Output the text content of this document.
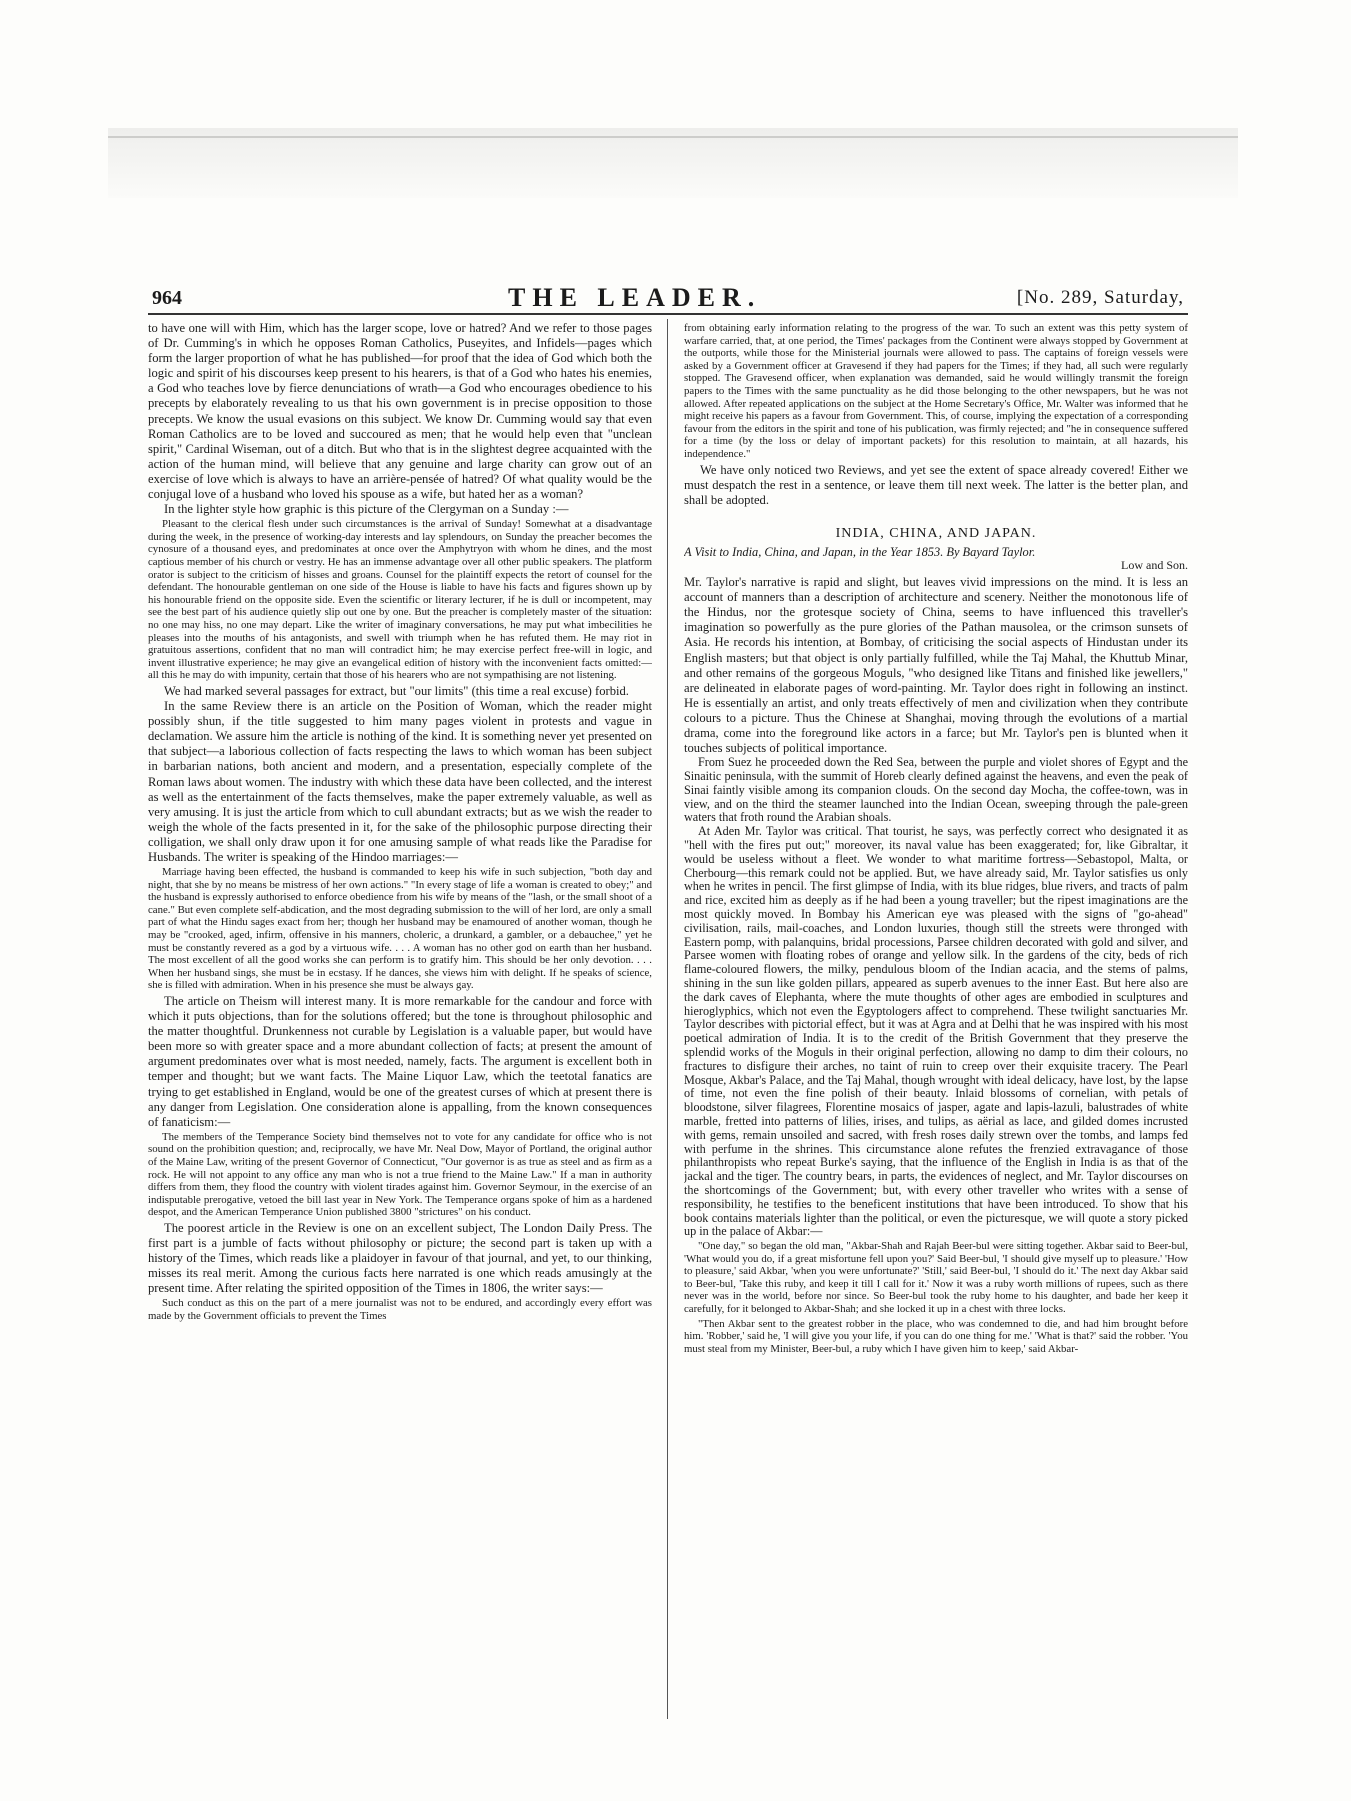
964	THE LEADER.	[No. 289, Saturday,

to have one will with Him, which has the larger scope, love or hatred? And we refer to those pages of Dr. Cumming's in which he opposes Roman Catholics, Puseyites, and Infidels—pages which form the larger proportion of what he has published—for proof that the idea of God which both the logic and spirit of his discourses keep present to his hearers, is that of a God who hates his enemies, a God who teaches love by fierce denunciations of wrath—a God who encourages obedience to his precepts by elaborately revealing to us that his own government is in precise opposition to those precepts. We know the usual evasions on this subject. We know Dr. Cumming would say that even Roman Catholics are to be loved and succoured as men; that he would help even that "unclean spirit," Cardinal Wiseman, out of a ditch. But who that is in the slightest degree acquainted with the action of the human mind, will believe that any genuine and large charity can grow out of an exercise of love which is always to have an arrière-pensée of hatred? Of what quality would be the conjugal love of a husband who loved his spouse as a wife, but hated her as a woman?

In the lighter style how graphic is this picture of the Clergyman on a Sunday :—

Pleasant to the clerical flesh under such circumstances is the arrival of Sunday! Somewhat at a disadvantage during the week, in the presence of working-day interests and lay splendours, on Sunday the preacher becomes the cynosure of a thousand eyes, and predominates at once over the Amphytryon with whom he dines, and the most captious member of his church or vestry. He has an immense advantage over all other public speakers. The platform orator is subject to the criticism of hisses and groans. Counsel for the plaintiff expects the retort of counsel for the defendant. The honourable gentleman on one side of the House is liable to have his facts and figures shown up by his honourable friend on the opposite side. Even the scientific or literary lecturer, if he is dull or incompetent, may see the best part of his audience quietly slip out one by one. But the preacher is completely master of the situation: no one may hiss, no one may depart. Like the writer of imaginary conversations, he may put what imbecilities he pleases into the mouths of his antagonists, and swell with triumph when he has refuted them. He may riot in gratuitous assertions, confident that no man will contradict him; he may exercise perfect free-will in logic, and invent illustrative experience; he may give an evangelical edition of history with the inconvenient facts omitted:—all this he may do with impunity, certain that those of his hearers who are not sympathising are not listening.

We had marked several passages for extract, but "our limits" (this time a real excuse) forbid.

In the same Review there is an article on the Position of Woman, which the reader might possibly shun, if the title suggested to him many pages violent in protests and vague in declamation. We assure him the article is nothing of the kind. It is something never yet presented on that subject—a laborious collection of facts respecting the laws to which woman has been subject in barbarian nations, both ancient and modern, and a presentation, especially complete of the Roman laws about women. The industry with which these data have been collected, and the interest as well as the entertainment of the facts themselves, make the paper extremely valuable, as well as very amusing. It is just the article from which to cull abundant extracts; but as we wish the reader to weigh the whole of the facts presented in it, for the sake of the philosophic purpose directing their colligation, we shall only draw upon it for one amusing sample of what reads like the Paradise for Husbands. The writer is speaking of the Hindoo marriages:—

Marriage having been effected, the husband is commanded to keep his wife in such subjection, "both day and night, that she by no means be mistress of her own actions." "In every stage of life a woman is created to obey;" and the husband is expressly authorised to enforce obedience from his wife by means of the "lash, or the small shoot of a cane." But even complete self-abdication, and the most degrading submission to the will of her lord, are only a small part of what the Hindu sages exact from her; though her husband may be enamoured of another woman, though he may be "crooked, aged, infirm, offensive in his manners, choleric, a drunkard, a gambler, or a debauchee," yet he must be constantly revered as a god by a virtuous wife. . . . A woman has no other god on earth than her husband. The most excellent of all the good works she can perform is to gratify him. This should be her only devotion. . . . When her husband sings, she must be in ecstasy. If he dances, she views him with delight. If he speaks of science, she is filled with admiration. When in his presence she must be always gay.

The article on Theism will interest many. It is more remarkable for the candour and force with which it puts objections, than for the solutions offered; but the tone is throughout philosophic and the matter thoughtful. Drunkenness not curable by Legislation is a valuable paper, but would have been more so with greater space and a more abundant collection of facts; at present the amount of argument predominates over what is most needed, namely, facts. The argument is excellent both in temper and thought; but we want facts. The Maine Liquor Law, which the teetotal fanatics are trying to get established in England, would be one of the greatest curses of which at present there is any danger from Legislation. One consideration alone is appalling, from the known consequences of fanaticism:—

The members of the Temperance Society bind themselves not to vote for any candidate for office who is not sound on the prohibition question; and, reciprocally, we have Mr. Neal Dow, Mayor of Portland, the original author of the Maine Law, writing of the present Governor of Connecticut, "Our governor is as true as steel and as firm as a rock. He will not appoint to any office any man who is not a true friend to the Maine Law." If a man in authority differs from them, they flood the country with violent tirades against him. Governor Seymour, in the exercise of an indisputable prerogative, vetoed the bill last year in New York. The Temperance organs spoke of him as a hardened despot, and the American Temperance Union published 3800 "strictures" on his conduct.

The poorest article in the Review is one on an excellent subject, The London Daily Press. The first part is a jumble of facts without philosophy or picture; the second part is taken up with a history of the Times, which reads like a plaidoyer in favour of that journal, and yet, to our thinking, misses its real merit. Among the curious facts here narrated is one which reads amusingly at the present time. After relating the spirited opposition of the Times in 1806, the writer says:—

Such conduct as this on the part of a mere journalist was not to be endured, and accordingly every effort was made by the Government officials to prevent the Times

from obtaining early information relating to the progress of the war. To such an extent was this petty system of warfare carried, that, at one period, the Times' packages from the Continent were always stopped by Government at the outports, while those for the Ministerial journals were allowed to pass. The captains of foreign vessels were asked by a Government officer at Gravesend if they had papers for the Times; if they had, all such were regularly stopped. The Gravesend officer, when explanation was demanded, said he would willingly transmit the foreign papers to the Times with the same punctuality as he did those belonging to the other newspapers, but he was not allowed. After repeated applications on the subject at the Home Secretary's Office, Mr. Walter was informed that he might receive his papers as a favour from Government. This, of course, implying the expectation of a corresponding favour from the editors in the spirit and tone of his publication, was firmly rejected; and "he in consequence suffered for a time (by the loss or delay of important packets) for this resolution to maintain, at all hazards, his independence."

We have only noticed two Reviews, and yet see the extent of space already covered! Either we must despatch the rest in a sentence, or leave them till next week. The latter is the better plan, and shall be adopted.

INDIA, CHINA, AND JAPAN.

A Visit to India, China, and Japan, in the Year 1853. By Bayard Taylor.

Low and Son.

Mr. Taylor's narrative is rapid and slight, but leaves vivid impressions on the mind. It is less an account of manners than a description of architecture and scenery. Neither the monotonous life of the Hindus, nor the grotesque society of China, seems to have influenced this traveller's imagination so powerfully as the pure glories of the Pathan mausolea, or the crimson sunsets of Asia. He records his intention, at Bombay, of criticising the social aspects of Hindustan under its English masters; but that object is only partially fulfilled, while the Taj Mahal, the Khuttub Minar, and other remains of the gorgeous Moguls, "who designed like Titans and finished like jewellers," are delineated in elaborate pages of word-painting. Mr. Taylor does right in following an instinct. He is essentially an artist, and only treats effectively of men and civilization when they contribute colours to a picture. Thus the Chinese at Shanghai, moving through the evolutions of a martial drama, come into the foreground like actors in a farce; but Mr. Taylor's pen is blunted when it touches subjects of political importance.

From Suez he proceeded down the Red Sea, between the purple and violet shores of Egypt and the Sinaitic peninsula, with the summit of Horeb clearly defined against the heavens, and even the peak of Sinai faintly visible among its companion clouds. On the second day Mocha, the coffee-town, was in view, and on the third the steamer launched into the Indian Ocean, sweeping through the pale-green waters that froth round the Arabian shoals.

At Aden Mr. Taylor was critical. That tourist, he says, was perfectly correct who designated it as "hell with the fires put out;" moreover, its naval value has been exaggerated; for, like Gibraltar, it would be useless without a fleet. We wonder to what maritime fortress—Sebastopol, Malta, or Cherbourg—this remark could not be applied. But, we have already said, Mr. Taylor satisfies us only when he writes in pencil. The first glimpse of India, with its blue ridges, blue rivers, and tracts of palm and rice, excited him as deeply as if he had been a young traveller; but the ripest imaginations are the most quickly moved. In Bombay his American eye was pleased with the signs of "go-ahead" civilisation, rails, mail-coaches, and London luxuries, though still the streets were thronged with Eastern pomp, with palanquins, bridal processions, Parsee children decorated with gold and silver, and Parsee women with floating robes of orange and yellow silk. In the gardens of the city, beds of rich flame-coloured flowers, the milky, pendulous bloom of the Indian acacia, and the stems of palms, shining in the sun like golden pillars, appeared as superb avenues to the inner East. But here also are the dark caves of Elephanta, where the mute thoughts of other ages are embodied in sculptures and hieroglyphics, which not even the Egyptologers affect to comprehend. These twilight sanctuaries Mr. Taylor describes with pictorial effect, but it was at Agra and at Delhi that he was inspired with his most poetical admiration of India. It is to the credit of the British Government that they preserve the splendid works of the Moguls in their original perfection, allowing no damp to dim their colours, no fractures to disfigure their arches, no taint of ruin to creep over their exquisite tracery. The Pearl Mosque, Akbar's Palace, and the Taj Mahal, though wrought with ideal delicacy, have lost, by the lapse of time, not even the fine polish of their beauty. Inlaid blossoms of cornelian, with petals of bloodstone, silver filagrees, Florentine mosaics of jasper, agate and lapis-lazuli, balustrades of white marble, fretted into patterns of lilies, irises, and tulips, as aërial as lace, and gilded domes incrusted with gems, remain unsoiled and sacred, with fresh roses daily strewn over the tombs, and lamps fed with perfume in the shrines. This circumstance alone refutes the frenzied extravagance of those philanthropists who repeat Burke's saying, that the influence of the English in India is as that of the jackal and the tiger. The country bears, in parts, the evidences of neglect, and Mr. Taylor discourses on the shortcomings of the Government; but, with every other traveller who writes with a sense of responsibility, he testifies to the beneficent institutions that have been introduced. To show that his book contains materials lighter than the political, or even the picturesque, we will quote a story picked up in the palace of Akbar:—

"One day," so began the old man, "Akbar-Shah and Rajah Beer-bul were sitting together. Akbar said to Beer-bul, 'What would you do, if a great misfortune fell upon you?' Said Beer-bul, 'I should give myself up to pleasure.' 'How to pleasure,' said Akbar, 'when you were unfortunate?' 'Still,' said Beer-bul, 'I should do it.' The next day Akbar said to Beer-bul, 'Take this ruby, and keep it till I call for it.' Now it was a ruby worth millions of rupees, such as there never was in the world, before nor since. So Beer-bul took the ruby home to his daughter, and bade her keep it carefully, for it belonged to Akbar-Shah; and she locked it up in a chest with three locks.

"Then Akbar sent to the greatest robber in the place, who was condemned to die, and had him brought before him. 'Robber,' said he, 'I will give you your life, if you can do one thing for me.' 'What is that?' said the robber. 'You must steal from my Minister, Beer-bul, a ruby which I have given him to keep,' said Akbar-
